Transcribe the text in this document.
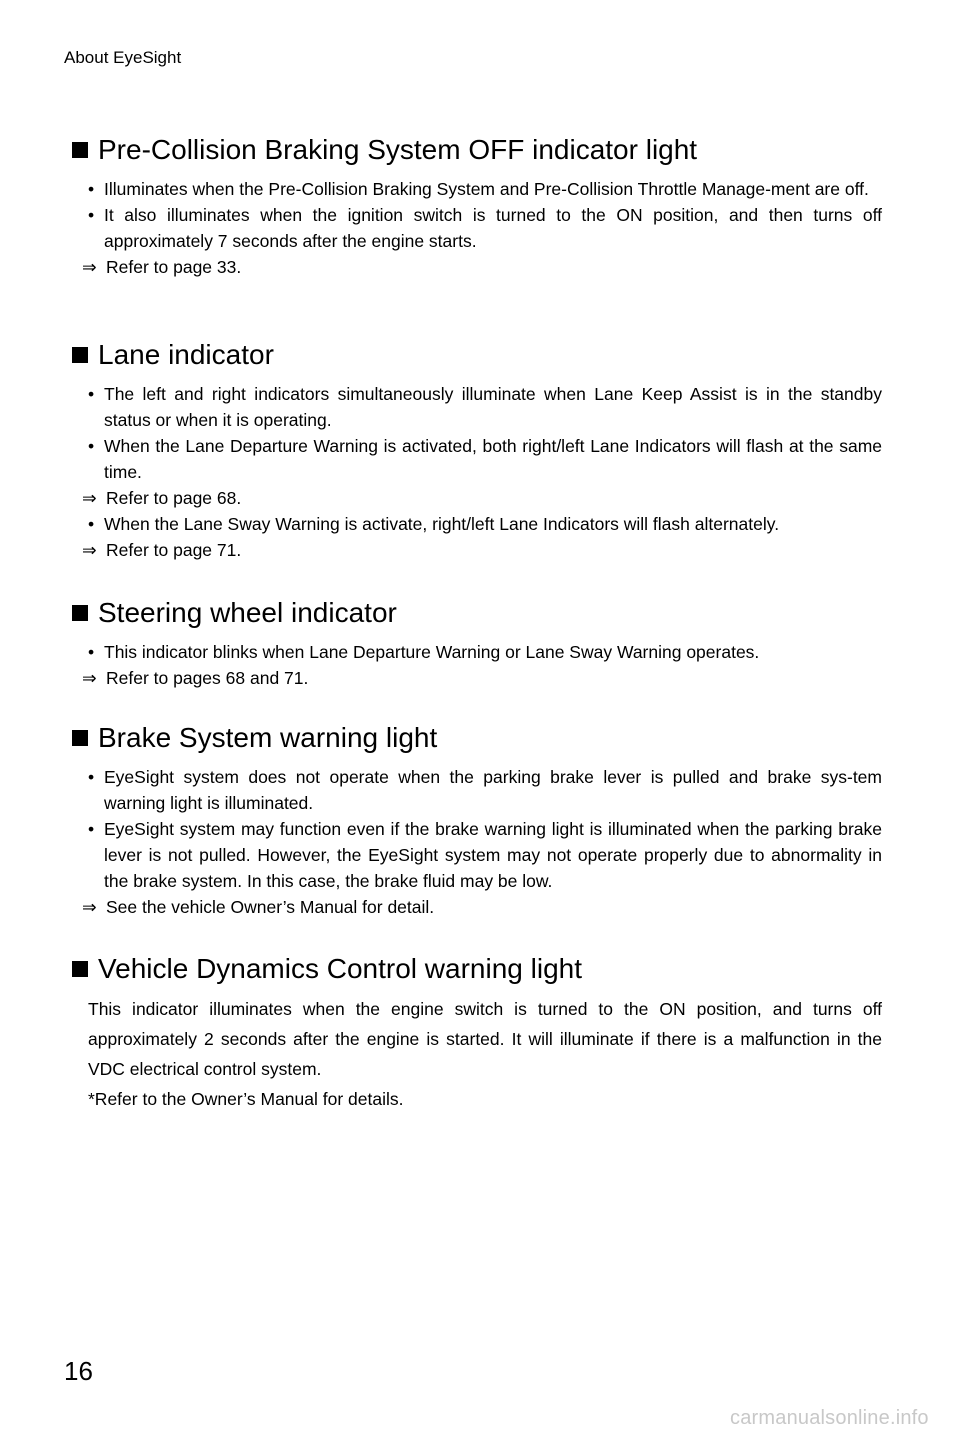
About EyeSight
Pre-Collision Braking System OFF indicator light
• Illuminates when the Pre-Collision Braking System and Pre-Collision Throttle Manage-ment are off.
• It also illuminates when the ignition switch is turned to the ON position, and then turns off approximately 7 seconds after the engine starts.
⇒ Refer to page 33.
Lane indicator
• The left and right indicators simultaneously illuminate when Lane Keep Assist is in the standby status or when it is operating.
• When the Lane Departure Warning is activated, both right/left Lane Indicators will flash at the same time.
⇒ Refer to page 68.
• When the Lane Sway Warning is activate, right/left Lane Indicators will flash alternately.
⇒ Refer to page 71.
Steering wheel indicator
• This indicator blinks when Lane Departure Warning or Lane Sway Warning operates.
⇒ Refer to pages 68 and 71.
Brake System warning light
• EyeSight system does not operate when the parking brake lever is pulled and brake sys-tem warning light is illuminated.
• EyeSight system may function even if the brake warning light is illuminated when the parking brake lever is not pulled. However, the EyeSight system may not operate properly due to abnormality in the brake system. In this case, the brake fluid may be low.
⇒ See the vehicle Owner’s Manual for detail.
Vehicle Dynamics Control warning light
This indicator illuminates when the engine switch is turned to the ON position, and turns off approximately 2 seconds after the engine is started. It will illuminate if there is a malfunction in the VDC electrical control system.
*Refer to the Owner’s Manual for details.
16
carmanualsonline.info
